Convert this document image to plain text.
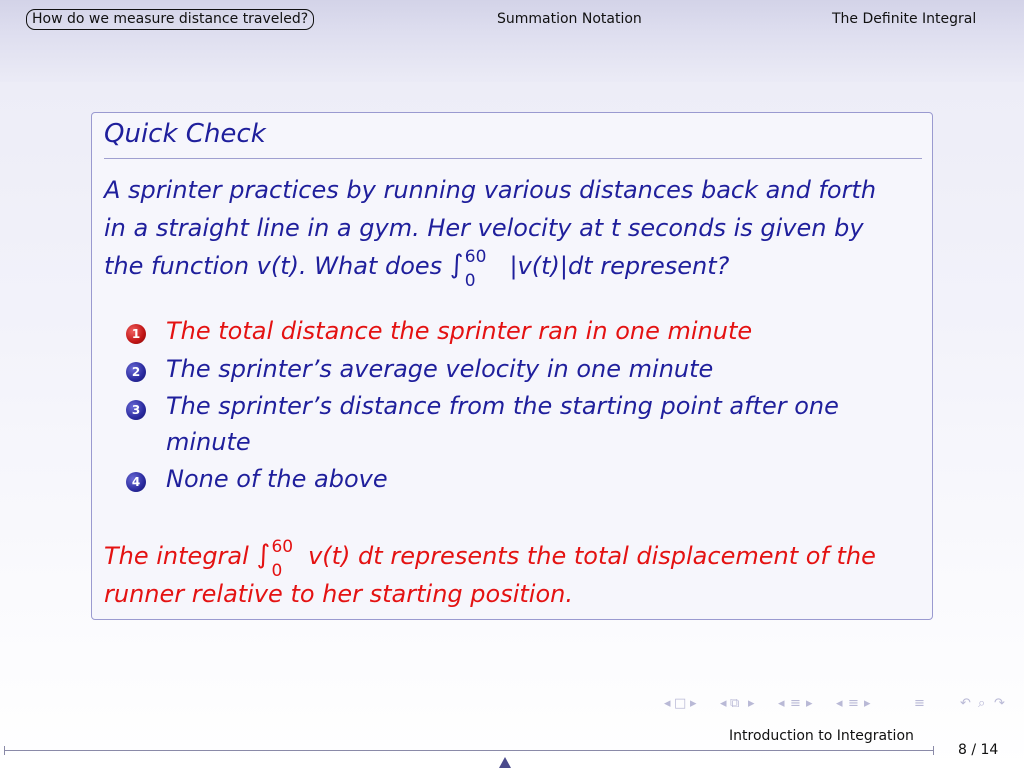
How do we measure distance traveled?	Summation Notation	The Definite Integral
Quick Check
A sprinter practices by running various distances back and forth
in a straight line in a gym. Her velocity at t seconds is given by
the function v(t). What does ∫ 60
0
|v(t)|dt represent?
1 The total distance the sprinter ran in one minute
2 The sprinter’s average velocity in one minute
3 The sprinter’s distance from the starting point after one
minute
4 None of the above
The integral ∫ 60
0
v(t) dt represents the total displacement of the
runner relative to her starting position.
◂ □ ▸ ◂ ⧉ ▸ ◂ ≡ ▸ ◂ ≡ ▸	≡	↶ ⌕ ↷
Introduction to Integration
8 / 14
